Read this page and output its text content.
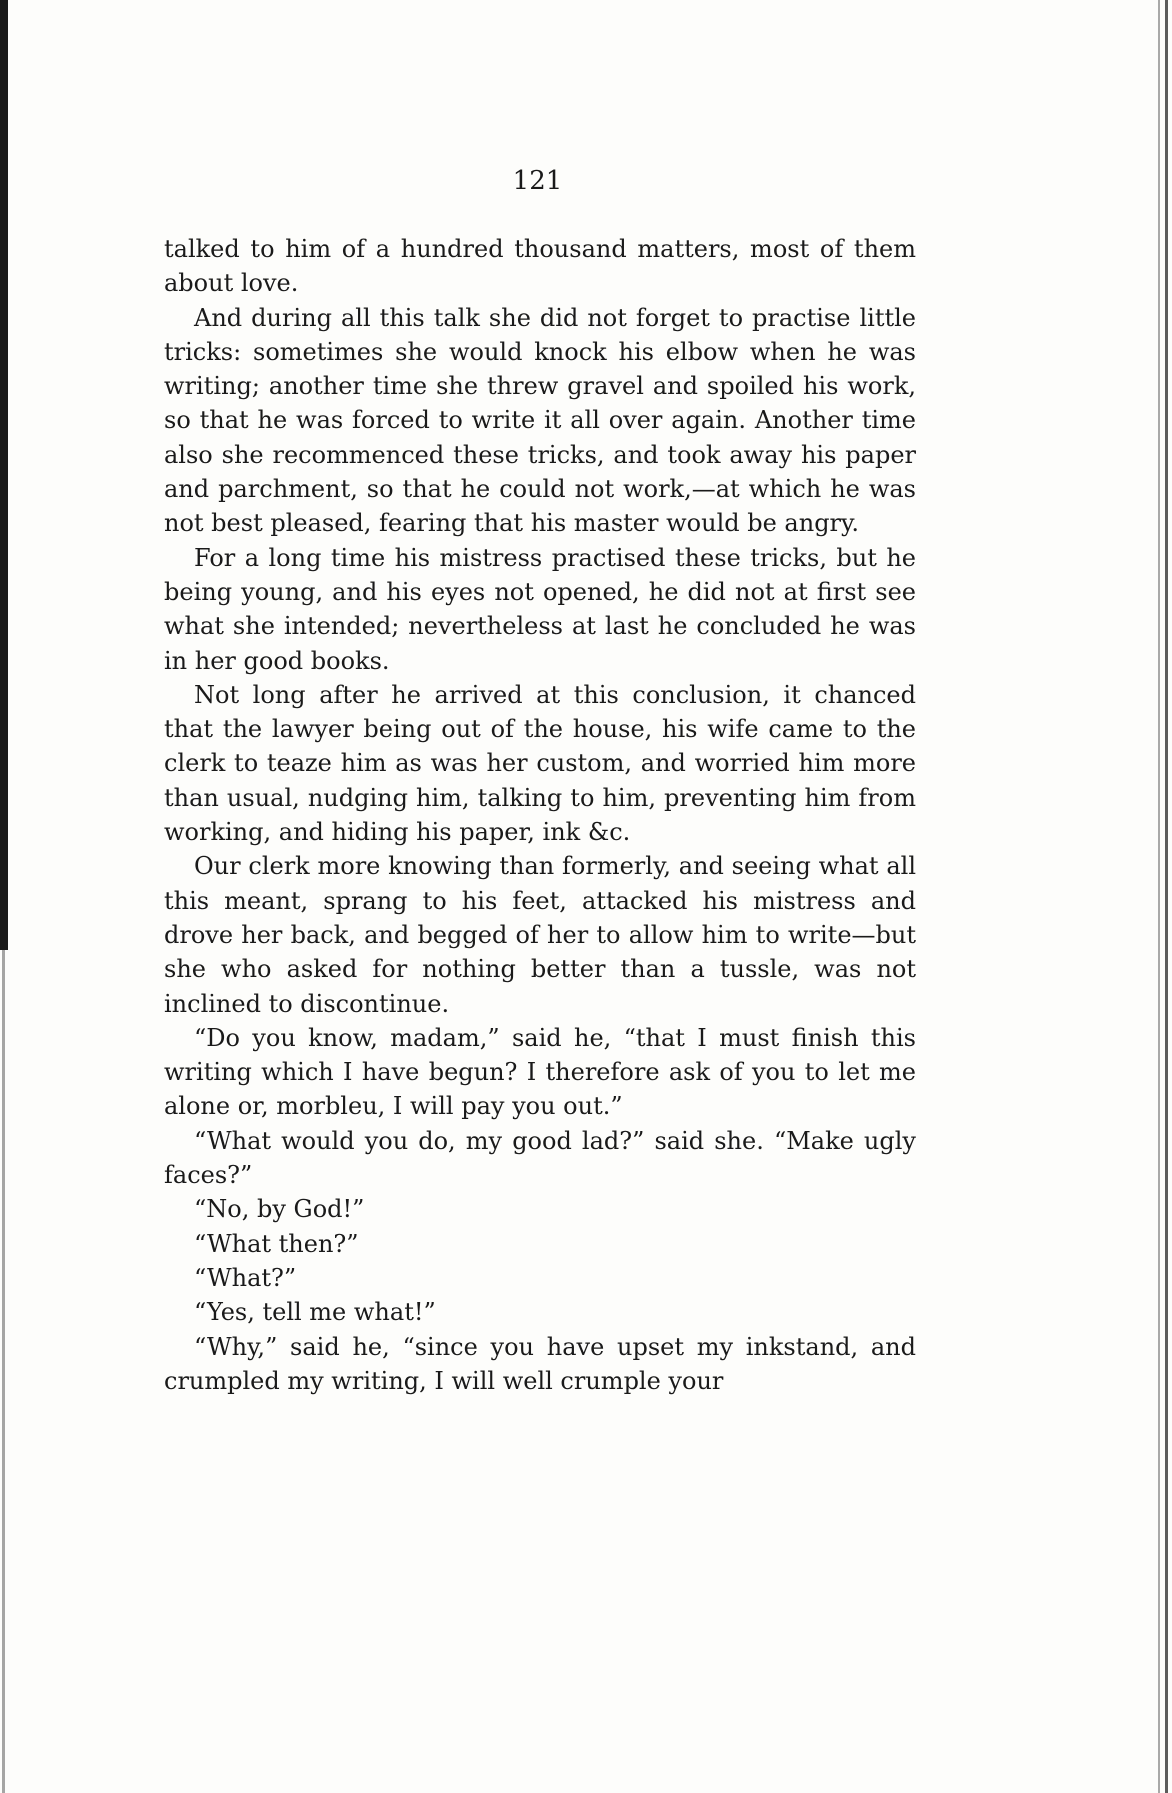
121

talked to him of a hundred thousand matters, most of them about love.

And during all this talk she did not forget to practise little tricks: sometimes she would knock his elbow when he was writing; another time she threw gravel and spoiled his work, so that he was forced to write it all over again. Another time also she recommenced these tricks, and took away his paper and parchment, so that he could not work,—at which he was not best pleased, fearing that his master would be angry.

For a long time his mistress practised these tricks, but he being young, and his eyes not opened, he did not at first see what she intended; nevertheless at last he concluded he was in her good books.

Not long after he arrived at this conclusion, it chanced that the lawyer being out of the house, his wife came to the clerk to teaze him as was her custom, and worried him more than usual, nudging him, talking to him, preventing him from working, and hiding his paper, ink &c.

Our clerk more knowing than formerly, and seeing what all this meant, sprang to his feet, attacked his mistress and drove her back, and begged of her to allow him to write—but she who asked for nothing better than a tussle, was not inclined to discontinue.

“Do you know, madam,” said he, “that I must finish this writing which I have begun? I therefore ask of you to let me alone or, morbleu, I will pay you out.”

“What would you do, my good lad?” said she. “Make ugly faces?”

“No, by God!”

“What then?”

“What?”

“Yes, tell me what!”

“Why,” said he, “since you have upset my inkstand, and crumpled my writing, I will well crumple your
